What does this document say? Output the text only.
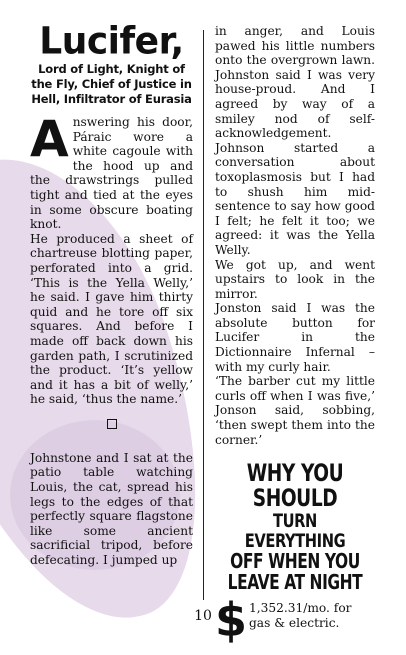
Lucifer,
Lord of Light, Knight of the Fly, Chief of Justice in Hell, Infiltrator of Eurasia

Answering his door, Páraic wore a white cagoule with the hood up and the drawstrings pulled tight and tied at the eyes in some obscure boating knot.

He produced a sheet of chartreuse blotting paper, perforated into a grid. ‘This is the Yella Welly,’ he said. I gave him thirty quid and he tore off six squares. And before I made off back down his garden path, I scrutinized the product. ‘It’s yellow and it has a bit of welly,’ he said, ‘thus the name.’

Johnstone and I sat at the patio table watching Louis, the cat, spread his legs to the edges of that perfectly square flagstone like some ancient sacrificial tripod, before defecating. I jumped up

in anger, and Louis pawed his little numbers onto the overgrown lawn. Johnston said I was very house-proud. And I agreed by way of a smiley nod of self-acknowledgement.

Johnson started a conversation about toxoplasmosis but I had to shush him mid-sentence to say how good I felt; he felt it too; we agreed: it was the Yella Welly.

We got up, and went upstairs to look in the mirror.

Jonston said I was the absolute button for Lucifer in the Dictionnaire Infernal – with my curly hair.

‘The barber cut my little curls off when I was five,’ Jonson said, sobbing, ‘then swept them into the corner.’

WHY YOU SHOULD
TURN EVERYTHING
OFF WHEN YOU LEAVE AT NIGHT
$ 1,352.31/mo. for gas & electric.
10
